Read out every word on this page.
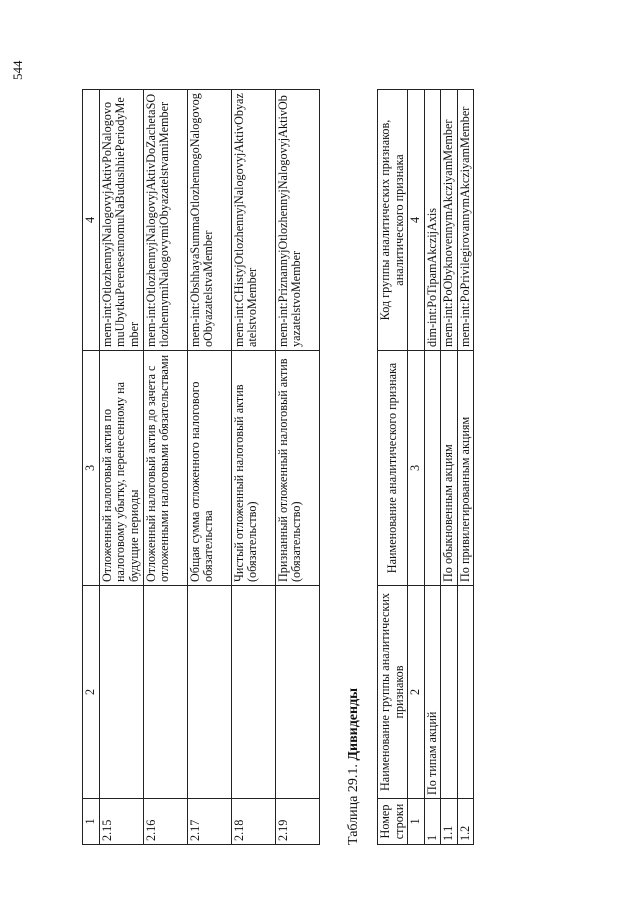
544
1	2	3	4
2.15		Отложенный налоговый актив по налоговому убытку, перенесенному на будущие периоды	mem-int:OtlozhennyjNalogovyjAktivPoNalogovomuUbytkuPerenesennomuNaBudushhiePeriodyMember
2.16		Отложенный налоговый актив до зачета с отложенными налоговыми обязательствами	mem-int:OtlozhennyjNalogovyjAktivDoZachetaSOtlozhennymiNalogovymiObyazatelstvamiMember
2.17		Общая сумма отложенного налогового обязательства	mem-int:ObshhayaSummaOtlozhennogoNalogovogoObyazatelstvaMember
2.18		Чистый отложенный налоговый актив (обязательство)	mem-int:CHistyjOtlozhennyjNalogovyjAktivObyazatelstvoMember
2.19		Признанный отложенный налоговый актив (обязательство)	mem-int:PriznannyjOtlozhennyjNalogovyjAktivObyazatelstvoMember
Таблица 29.1. Дивиденды
Номер строки	Наименование группы аналитических признаков	Наименование аналитического признака	Код группы аналитических признаков, аналитического признака
1	2	3	4
1	По типам акций		dim-int:PoTipamAkczijAxis
1.1		По обыкновенным акциям	mem-int:PoObyknovennymAkcziyamMember
1.2		По привилегированным акциям	mem-int:PoPrivilegirovannymAkcziyamMember
